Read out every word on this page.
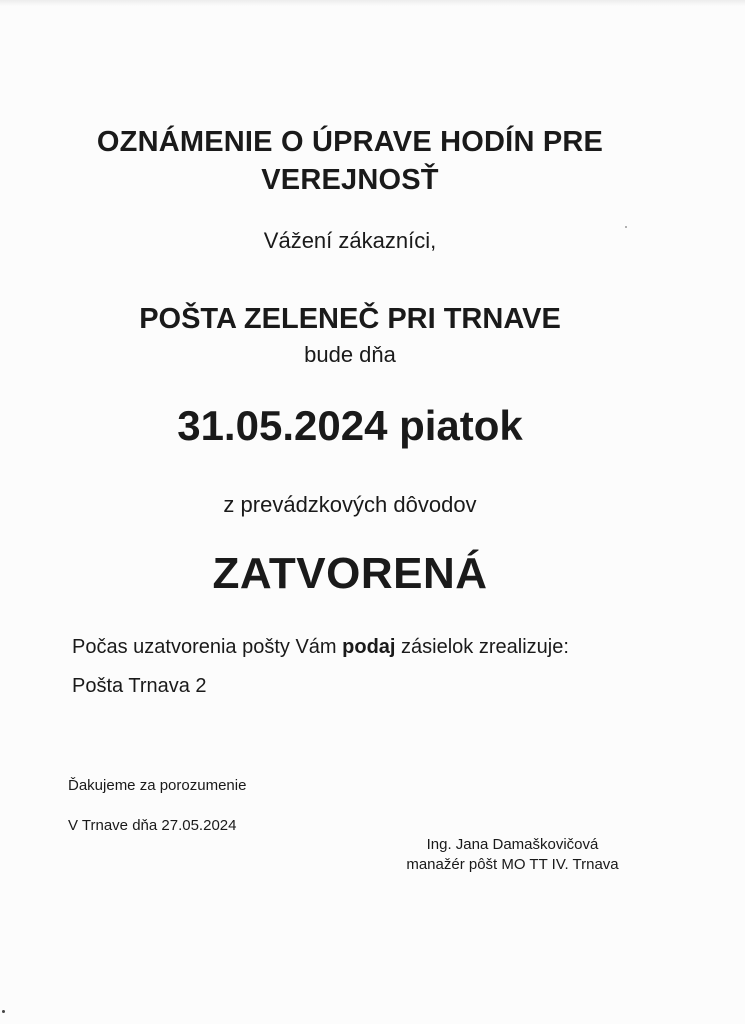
OZNÁMENIE O ÚPRAVE HODÍN PRE

VEREJNOSŤ

Vážení zákazníci,

POŠTA ZELENEČ PRI TRNAVE

bude dňa

31.05.2024 piatok

z prevádzkových dôvodov

ZATVORENÁ

Počas uzatvorenia pošty Vám podaj zásielok zrealizuje:

Pošta Trnava 2

Ďakujeme za porozumenie

V Trnave dňa 27.05.2024

Ing. Jana Damaškovičová

manažér pôšt MO TT IV. Trnava
